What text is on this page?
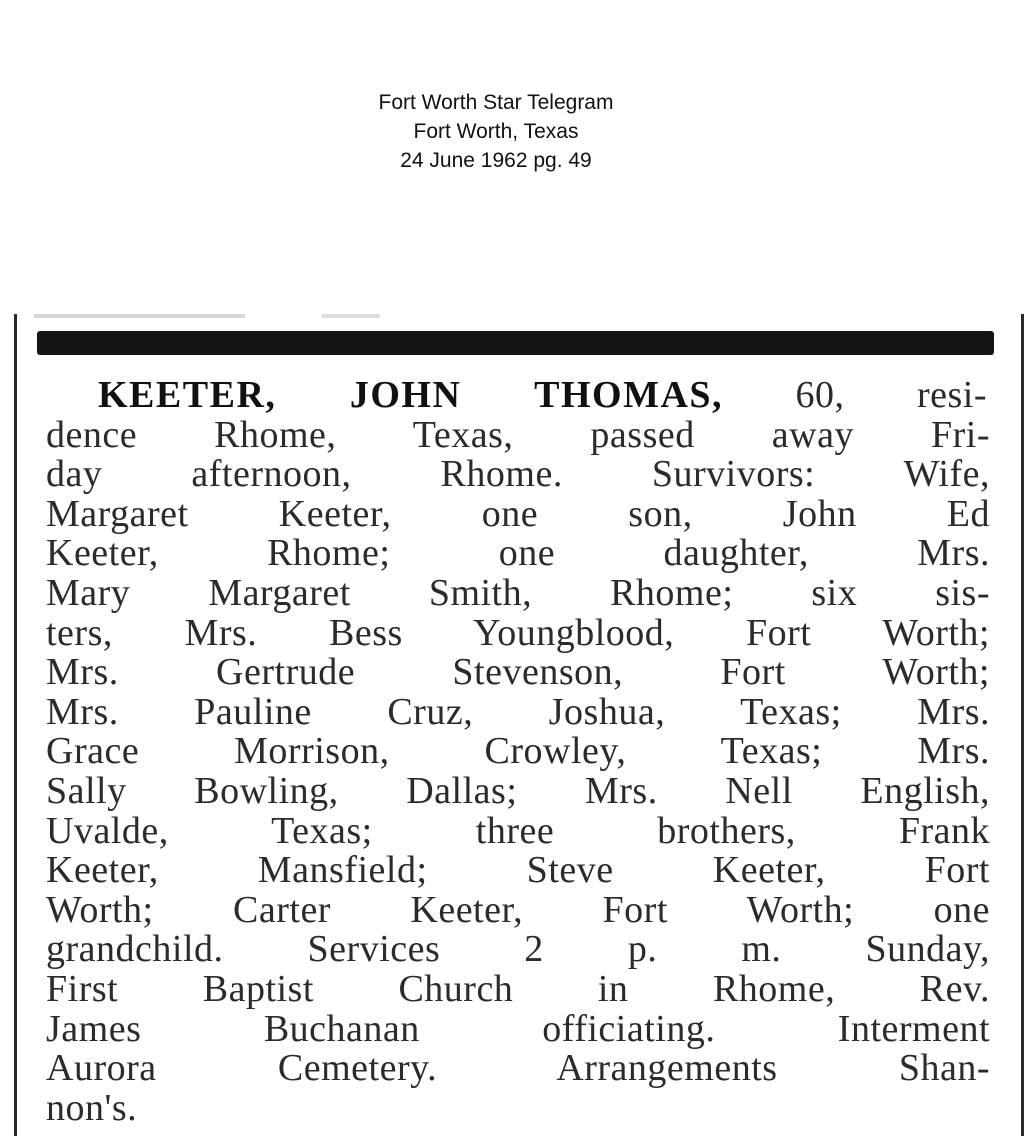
Fort Worth Star Telegram
Fort Worth, Texas
24 June 1962 pg. 49
KEETER, JOHN THOMAS, 60, resi-
dence Rhome, Texas, passed away Fri-
day afternoon, Rhome. Survivors: Wife,
Margaret Keeter, one son, John Ed
Keeter, Rhome; one daughter, Mrs.
Mary Margaret Smith, Rhome; six sis-
ters, Mrs. Bess Youngblood, Fort Worth;
Mrs. Gertrude Stevenson, Fort Worth;
Mrs. Pauline Cruz, Joshua, Texas; Mrs.
Grace Morrison, Crowley, Texas; Mrs.
Sally Bowling, Dallas; Mrs. Nell English,
Uvalde, Texas; three brothers, Frank
Keeter, Mansfield; Steve Keeter, Fort
Worth; Carter Keeter, Fort Worth; one
grandchild. Services 2 p. m. Sunday,
First Baptist Church in Rhome, Rev.
James Buchanan officiating. Interment
Aurora Cemetery. Arrangements Shan-
non's.
